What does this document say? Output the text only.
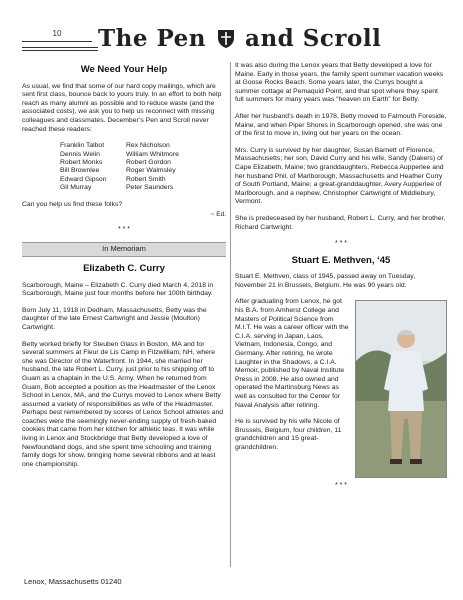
10	The Pen and Scroll
We Need Your Help

As usual, we find that some of our hard copy mailings, which are sent first class, bounce back to yours truly. In an effort to both help reach as many alumni as possible and to reduce waste (and the associated costs), we ask you to help us reconnect with missing colleagues and classmates. December’s Pen and Scroll never reached these readers:

Franklin Talbot
Dennis Welin
Robert Monks
Bill Brownlee
Edward Gipson
Gil Murray
Rex Nicholson
William Whitmore
Robert Gordon
Roger Walmsley
Robert Smith
Peter Saunders

Can you help us find these folks?

~ Ed.
* * *
In Memoriam
Elizabeth C. Curry

Scarborough, Maine – Elizabeth C. Curry died March 4, 2018 in Scarborough, Maine just four months before her 100th birthday.

Born July 11, 1918 in Dedham, Massachusetts, Betty was the daughter of the late Ernest Cartwright and Jessie (Moulton) Cartwright.

Betty worked briefly for Steuben Glass in Boston, MA and for several summers at Fleur de Lis Camp in Fitzwilliam, NH, where she was Director of the Waterfront. In 1944, she married her husband, the late Robert L. Curry, just prior to his shipping off to Guam as a chaplain in the U.S. Army. When he returned from Guam, Bob accepted a position as the Headmaster of the Lenox School in Lenox, MA, and the Currys moved to Lenox where Betty assumed a variety of responsibilities as wife of the Headmaster. Perhaps best remembered by scores of Lenox School athletes and coaches were the seemingly never-ending supply of fresh-baked cookies that came from her kitchen for athletic teas. It was while living in Lenox and Stockbridge that Betty developed a love of Newfoundland dogs, and she spent time schooling and training family dogs for show, bringing home several ribbons and at least one championship.

It was also during the Lenox years that Betty developed a love for Maine. Early in those years, the family spent summer vacation weeks at Goose Rocks Beach. Some years later, the Currys bought a summer cottage at Pemaquid Point, and that spot where they spent full summers for many years was “heaven on Earth” for Betty.

After her husband’s death in 1978, Betty moved to Falmouth Foreside, Maine, and when Piper Shores in Scarborough opened, she was one of the first to move in, living out her years on the ocean.

Mrs. Curry is survived by her daughter, Susan Barnett of Florence, Massachusetts; her son, David Curry and his wife, Sandy (Dakers) of Cape Elizabeth, Maine; two granddaughters, Rebecca Aupperlee and her husband Phil, of Marlborough, Massachusetts and Heather Curry of South Portland, Maine; a great-granddaughter, Avery Aupperlee of Marlborough, and a nephew, Christopher Cartwright of Middlebury, Vermont.

She is predeceased by her husband, Robert L. Curry, and her brother, Richard Cartwright.

* * *
Stuart E. Methven, ‘45

Stuart E. Methven, class of 1945, passed away on Tuesday, November 21 in Brussels, Belgium. He was 90 years old.

After graduating from Lenox, he got his B.A. from Amherst College and Masters of Political Science from M.I.T. He was a career officer with the C.I.A. serving in Japan, Laos, Vietnam, Indonesia, Congo, and Germany. After retiring, he wrote Laughter in the Shadows, a C.I.A. Memoir, published by Naval Institute Press in 2008. He also owned and operated the Martinsburg News as well as consulted for the Center for Naval Analysis after retiring.

He is survived by his wife Nicole of Brussels, Belgium, four children, 11 grandchildren and 15 great-grandchildren.

* * *
Lenox, Massachusetts 01240
